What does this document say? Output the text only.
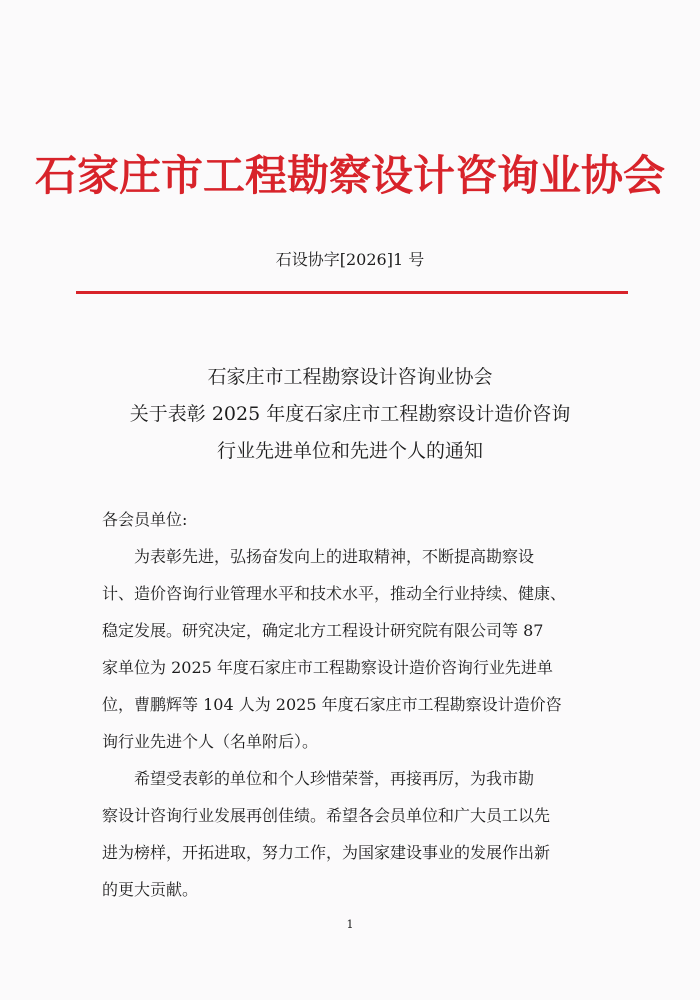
石家庄市工程勘察设计咨询业协会
石设协字[2026]1 号
石家庄市工程勘察设计咨询业协会
关于表彰 2025 年度石家庄市工程勘察设计造价咨询
行业先进单位和先进个人的通知
各会员单位:
为表彰先进，弘扬奋发向上的进取精神，不断提高勘察设
计、造价咨询行业管理水平和技术水平，推动全行业持续、健康、
稳定发展。研究决定，确定北方工程设计研究院有限公司等 87
家单位为 2025 年度石家庄市工程勘察设计造价咨询行业先进单
位，曹鹏辉等 104 人为 2025 年度石家庄市工程勘察设计造价咨
询行业先进个人（名单附后）。
希望受表彰的单位和个人珍惜荣誉，再接再厉，为我市勘
察设计咨询行业发展再创佳绩。希望各会员单位和广大员工以先
进为榜样，开拓进取，努力工作，为国家建设事业的发展作出新
的更大贡献。
1
